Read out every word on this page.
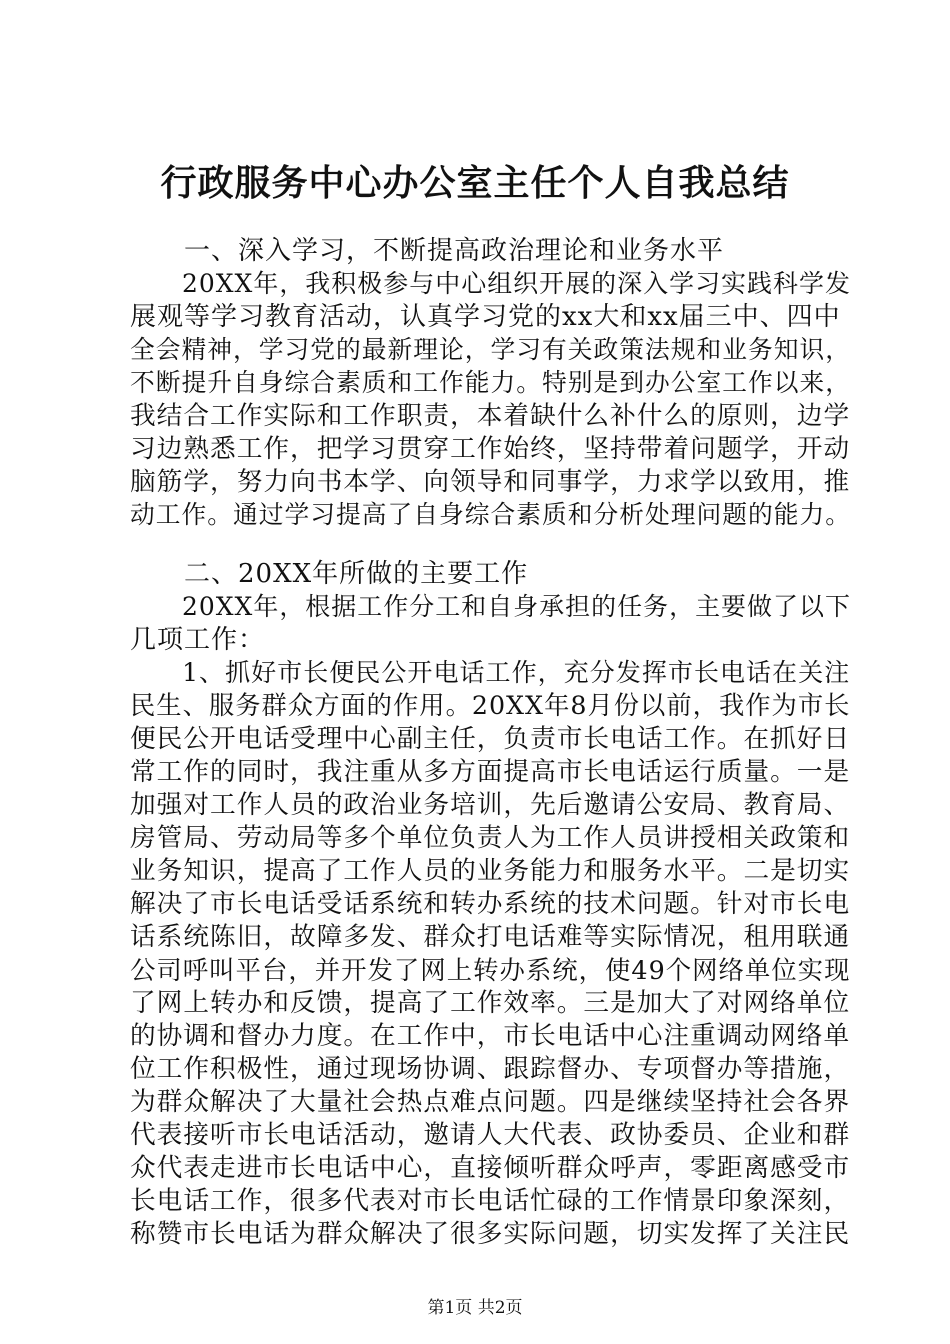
行政服务中心办公室主任个人自我总结
　　一、深入学习，不断提高政治理论和业务水平
　　20XX年，我积极参与中心组织开展的深入学习实践科学发
展观等学习教育活动，认真学习党的xx大和xx届三中、四中
全会精神，学习党的最新理论，学习有关政策法规和业务知识，
不断提升自身综合素质和工作能力。特别是到办公室工作以来，
我结合工作实际和工作职责，本着缺什么补什么的原则，边学
习边熟悉工作，把学习贯穿工作始终，坚持带着问题学，开动
脑筋学，努力向书本学、向领导和同事学，力求学以致用，推
动工作。通过学习提高了自身综合素质和分析处理问题的能力。
　　二、20XX年所做的主要工作
　　20XX年，根据工作分工和自身承担的任务，主要做了以下
几项工作：
　　1、抓好市长便民公开电话工作，充分发挥市长电话在关注
民生、服务群众方面的作用。20XX年8月份以前，我作为市长
便民公开电话受理中心副主任，负责市长电话工作。在抓好日
常工作的同时，我注重从多方面提高市长电话运行质量。一是
加强对工作人员的政治业务培训，先后邀请公安局、教育局、
房管局、劳动局等多个单位负责人为工作人员讲授相关政策和
业务知识，提高了工作人员的业务能力和服务水平。二是切实
解决了市长电话受话系统和转办系统的技术问题。针对市长电
话系统陈旧，故障多发、群众打电话难等实际情况，租用联通
公司呼叫平台，并开发了网上转办系统，使49个网络单位实现
了网上转办和反馈，提高了工作效率。三是加大了对网络单位
的协调和督办力度。在工作中，市长电话中心注重调动网络单
位工作积极性，通过现场协调、跟踪督办、专项督办等措施，
为群众解决了大量社会热点难点问题。四是继续坚持社会各界
代表接听市长电话活动，邀请人大代表、政协委员、企业和群
众代表走进市长电话中心，直接倾听群众呼声，零距离感受市
长电话工作，很多代表对市长电话忙碌的工作情景印象深刻，
称赞市长电话为群众解决了很多实际问题，切实发挥了关注民
第1页 共2页
